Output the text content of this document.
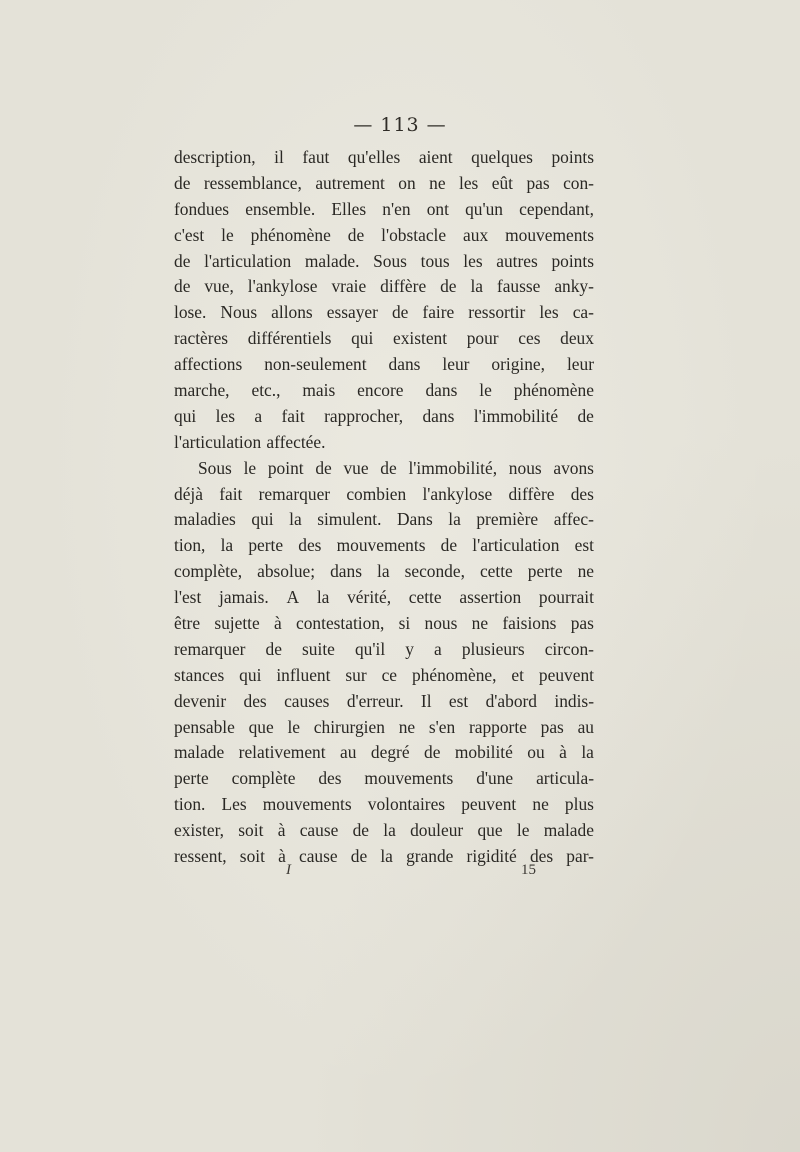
— 113 —
description, il faut qu'elles aient quelques points
de ressemblance, autrement on ne les eût pas con-
fondues ensemble. Elles n'en ont qu'un cependant,
c'est le phénomène de l'obstacle aux mouvements
de l'articulation malade. Sous tous les autres points
de vue, l'ankylose vraie diffère de la fausse anky-
lose. Nous allons essayer de faire ressortir les ca-
ractères différentiels qui existent pour ces deux
affections non-seulement dans leur origine, leur
marche, etc., mais encore dans le phénomène
qui les a fait rapprocher, dans l'immobilité de
l'articulation affectée.
Sous le point de vue de l'immobilité, nous avons
déjà fait remarquer combien l'ankylose diffère des
maladies qui la simulent. Dans la première affec-
tion, la perte des mouvements de l'articulation est
complète, absolue; dans la seconde, cette perte ne
l'est jamais. A la vérité, cette assertion pourrait
être sujette à contestation, si nous ne faisions pas
remarquer de suite qu'il y a plusieurs circon-
stances qui influent sur ce phénomène, et peuvent
devenir des causes d'erreur. Il est d'abord indis-
pensable que le chirurgien ne s'en rapporte pas au
malade relativement au degré de mobilité ou à la
perte complète des mouvements d'une articula-
tion. Les mouvements volontaires peuvent ne plus
exister, soit à cause de la douleur que le malade
ressent, soit à cause de la grande rigidité des par-
I	15
